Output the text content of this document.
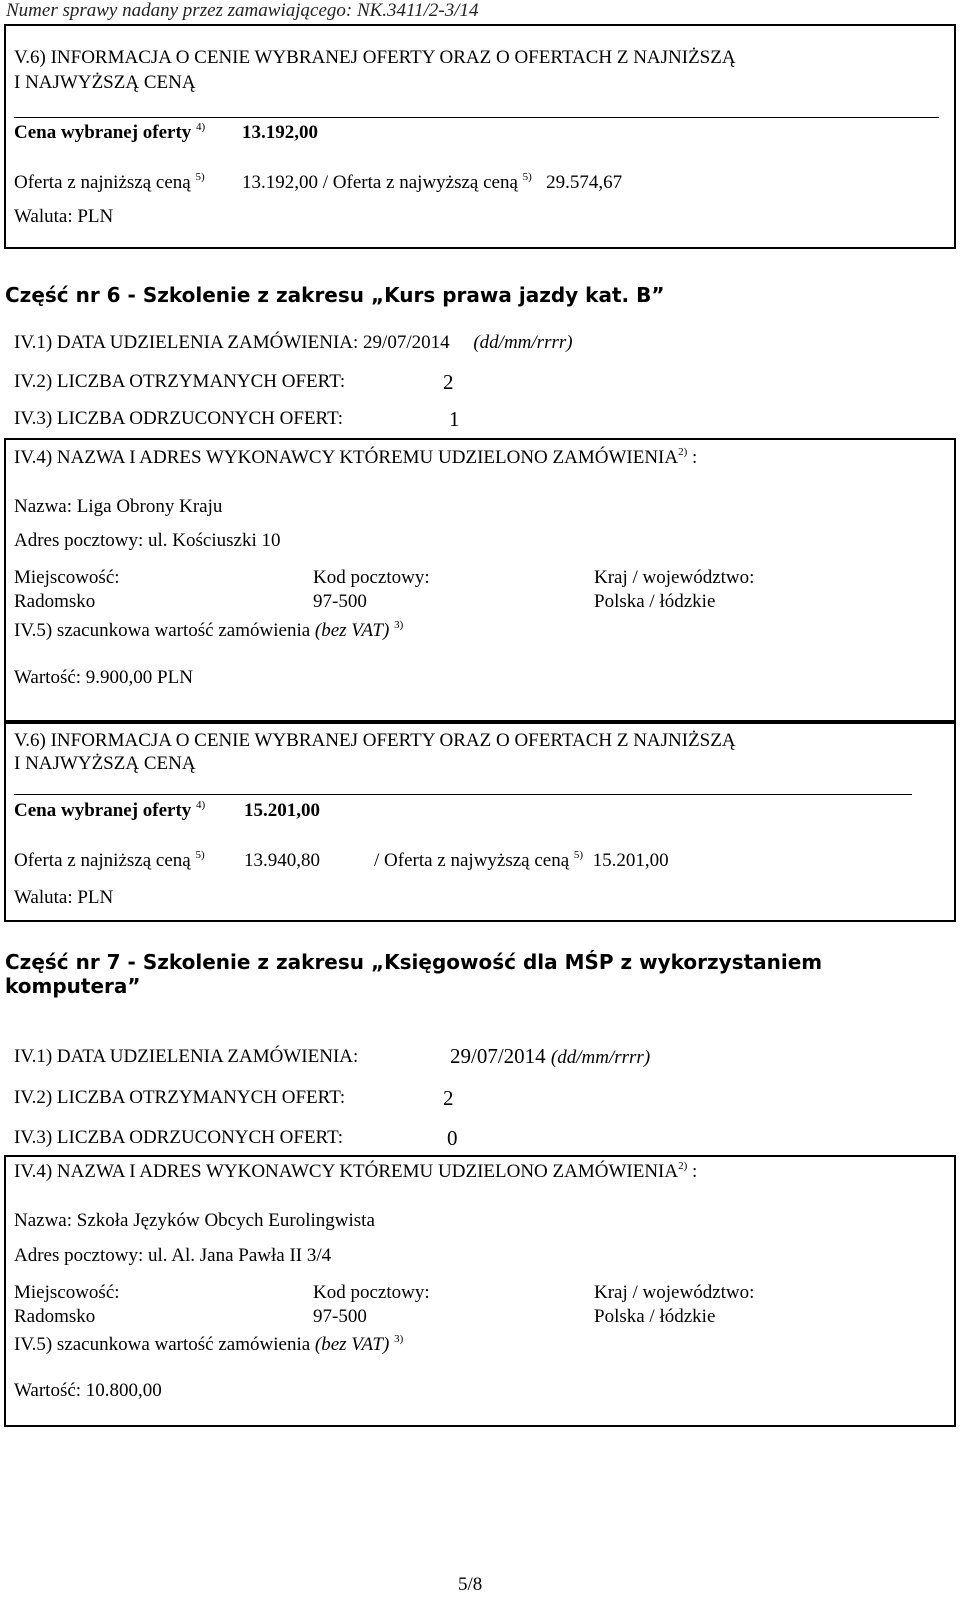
Numer sprawy nadany przez zamawiającego: NK.3411/2-3/14
V.6) INFORMACJA O CENIE WYBRANEJ OFERTY ORAZ O OFERTACH Z NAJNIŻSZĄ
I NAJWYŻSZĄ CENĄ
Cena wybranej oferty $^{4)}$ 13.192,00
Oferta z najniższą ceną $^{5)}$ 13.192,00 / Oferta z najwyższą ceną $^{5)}$ 29.574,67
Waluta: PLN
Część nr 6 - Szkolenie z zakresu „Kurs prawa jazdy kat. B”
IV.1) DATA UDZIELENIA ZAMÓWIENIA: 29/07/2014 (dd/mm/rrrr)
IV.2) LICZBA OTRZYMANYCH OFERT:	2
IV.3) LICZBA ODRZUCONYCH OFERT:	1
IV.4) NAZWA I ADRES WYKONAWCY KTÓREMU UDZIELONO ZAMÓWIENIA$^{2)}$ :
Nazwa: Liga Obrony Kraju
Adres pocztowy: ul. Kościuszki 10
Miejscowość:
Radomsko
Kod pocztowy:
97-500
Kraj / województwo:
Polska / łódzkie
IV.5) szacunkowa wartość zamówienia (bez VAT) $^{3)}$
Wartość: 9.900,00 PLN
V.6) INFORMACJA O CENIE WYBRANEJ OFERTY ORAZ O OFERTACH Z NAJNIŻSZĄ
I NAJWYŻSZĄ CENĄ
Cena wybranej oferty $^{4)}$ 15.201,00
Oferta z najniższą ceną $^{5)}$ 13.940,80	/ Oferta z najwyższą ceną $^{5)}$ 15.201,00
Waluta: PLN
Część nr 7 - Szkolenie z zakresu „Księgowość dla MŚP z wykorzystaniem
komputera”
IV.1) DATA UDZIELENIA ZAMÓWIENIA:	29/07/2014 (dd/mm/rrrr)
IV.2) LICZBA OTRZYMANYCH OFERT:	2
IV.3) LICZBA ODRZUCONYCH OFERT:	0
IV.4) NAZWA I ADRES WYKONAWCY KTÓREMU UDZIELONO ZAMÓWIENIA$^{2)}$ :
Nazwa: Szkoła Języków Obcych Eurolingwista
Adres pocztowy: ul. Al. Jana Pawła II 3/4
Miejscowość:
Radomsko
Kod pocztowy:
97-500
Kraj / województwo:
Polska / łódzkie
IV.5) szacunkowa wartość zamówienia (bez VAT) $^{3)}$
Wartość: 10.800,00
5/8
